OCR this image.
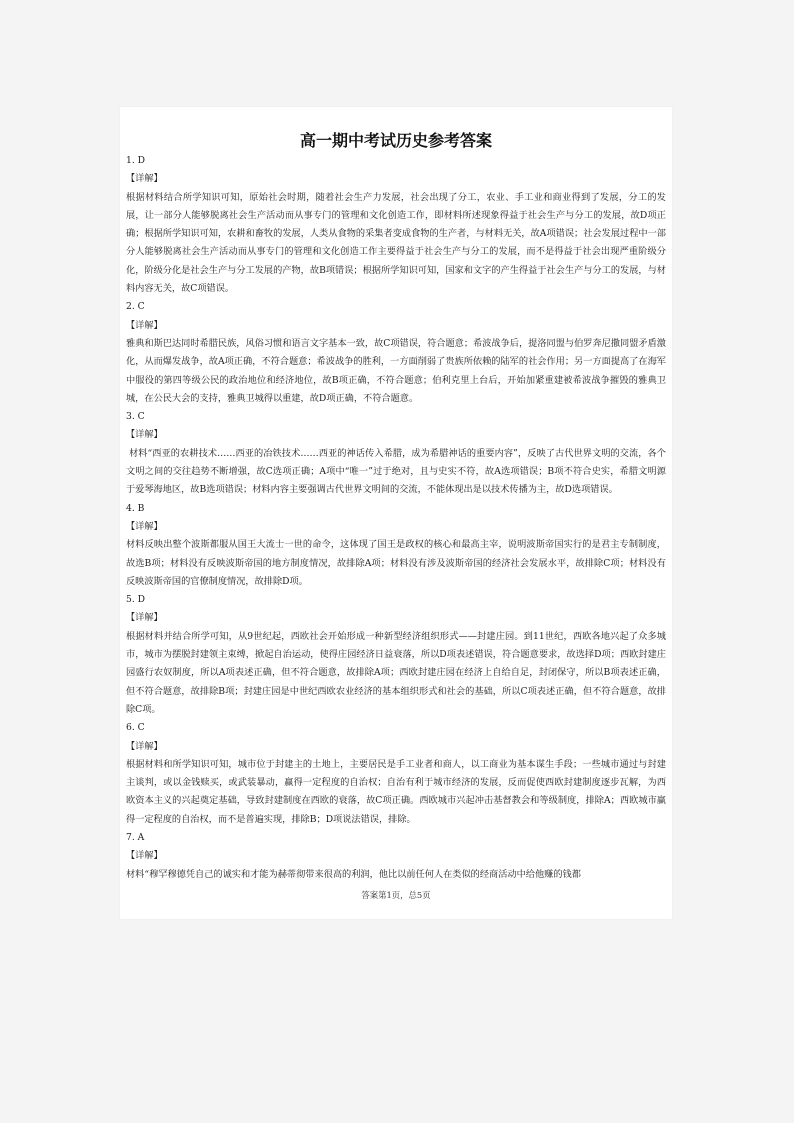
高一期中考试历史参考答案
1. D
【详解】
根据材料结合所学知识可知，原始社会时期，随着社会生产力发展，社会出现了分工，农业、手工业和商业得到了发展，分工的发展，让一部分人能够脱离社会生产活动而从事专门的管理和文化创造工作，即材料所述现象得益于社会生产与分工的发展，故D项正确；根据所学知识可知，农耕和畜牧的发展，人类从食物的采集者变成食物的生产者，与材料无关，故A项错误；社会发展过程中一部分人能够脱离社会生产活动而从事专门的管理和文化创造工作主要得益于社会生产与分工的发展，而不是得益于社会出现严重阶级分化，阶级分化是社会生产与分工发展的产物，故B项错误；根据所学知识可知，国家和文字的产生得益于社会生产与分工的发展，与材料内容无关，故C项错误。
2. C
【详解】
雅典和斯巴达同时希腊民族，风俗习惯和语言文字基本一致，故C项错误，符合题意；希波战争后，提洛同盟与伯罗奔尼撒同盟矛盾激化，从而爆发战争，故A项正确，不符合题意；希波战争的胜利，一方面削弱了贵族所依赖的陆军的社会作用；另一方面提高了在海军中服役的第四等级公民的政治地位和经济地位，故B项正确，不符合题意；伯利克里上台后，开始加紧重建被希波战争摧毁的雅典卫城，在公民大会的支持，雅典卫城得以重建，故D项正确，不符合题意。
3. C
【详解】
材料“西亚的农耕技术……西亚的冶铁技术……西亚的神话传入希腊，成为希腊神话的重要内容”，反映了古代世界文明的交流，各个文明之间的交往趋势不断增强，故C选项正确；A项中“唯一”过于绝对，且与史实不符，故A选项错误；B项不符合史实，希腊文明源于爱琴海地区，故B选项错误；材料内容主要强调古代世界文明间的交流，不能体现出是以技术传播为主，故D选项错误。
4. B
【详解】
材料反映出整个波斯都服从国王大流士一世的命令，这体现了国王是政权的核心和最高主宰，说明波斯帝国实行的是君主专制制度，故选B项；材料没有反映波斯帝国的地方制度情况，故排除A项；材料没有涉及波斯帝国的经济社会发展水平，故排除C项；材料没有反映波斯帝国的官僚制度情况，故排除D项。
5. D
【详解】
根据材料并结合所学可知，从9世纪起，西欧社会开始形成一种新型经济组织形式——封建庄园。到11世纪，西欧各地兴起了众多城市，城市为摆脱封建领主束缚，掀起自治运动，使得庄园经济日益衰落，所以D项表述错误，符合题意要求，故选择D项；西欧封建庄园盛行农奴制度，所以A项表述正确，但不符合题意，故排除A项；西欧封建庄园在经济上自给自足，封闭保守，所以B项表述正确，但不符合题意，故排除B项；封建庄园是中世纪西欧农业经济的基本组织形式和社会的基础，所以C项表述正确，但不符合题意，故排除C项。
6. C
【详解】
根据材料和所学知识可知，城市位于封建主的土地上，主要居民是手工业者和商人，以工商业为基本谋生手段；一些城市通过与封建主谈判，或以金钱赎买，或武装暴动，赢得一定程度的自治权；自治有利于城市经济的发展，反而促使西欧封建制度逐步瓦解，为西欧资本主义的兴起奠定基础，导致封建制度在西欧的衰落，故C项正确。西欧城市兴起冲击基督教会和等级制度，排除A；西欧城市赢得一定程度的自治权，而不是普遍实现，排除B；D项说法错误，排除。
7. A
【详解】
材料“穆罕穆德凭自己的诚实和才能为赫蒂彻带来很高的利润，他比以前任何人在类似的经商活动中给他赚的钱都
答案第1页，总5页
